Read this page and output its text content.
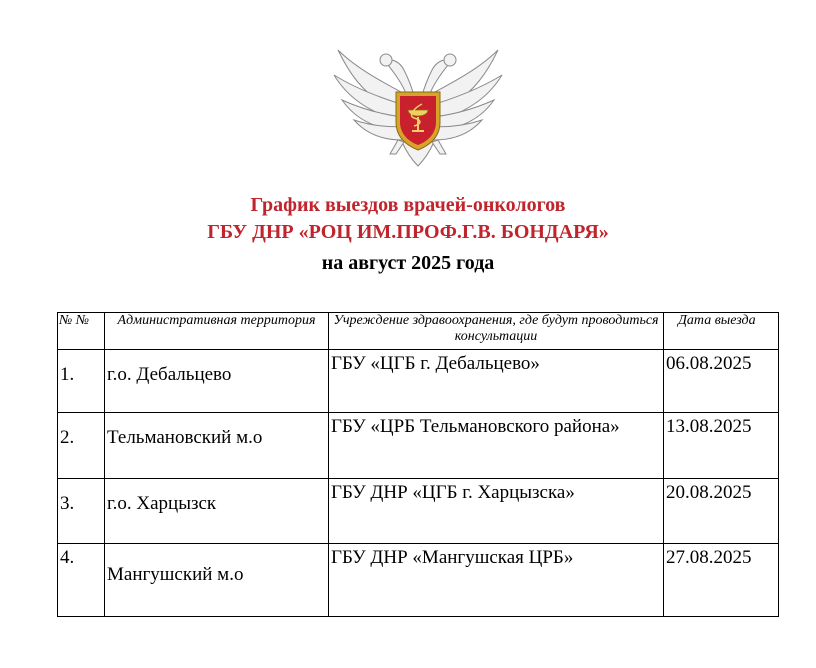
График выездов врачей-онкологов
ГБУ ДНР «РОЦ ИМ.ПРОФ.Г.В. БОНДАРЯ»
на август 2025 года
№ №	Административная территория	Учреждение здравоохранения, где будут проводиться консультации	Дата выезда
1.	г.о. Дебальцево	ГБУ «ЦГБ г. Дебальцево»	06.08.2025
2.	Тельмановский м.о	ГБУ «ЦРБ Тельмановского района»	13.08.2025
3.	г.о. Харцызск	ГБУ ДНР «ЦГБ г. Харцызска»	20.08.2025
4.	Мангушский м.о	ГБУ ДНР «Мангушская ЦРБ»	27.08.2025
